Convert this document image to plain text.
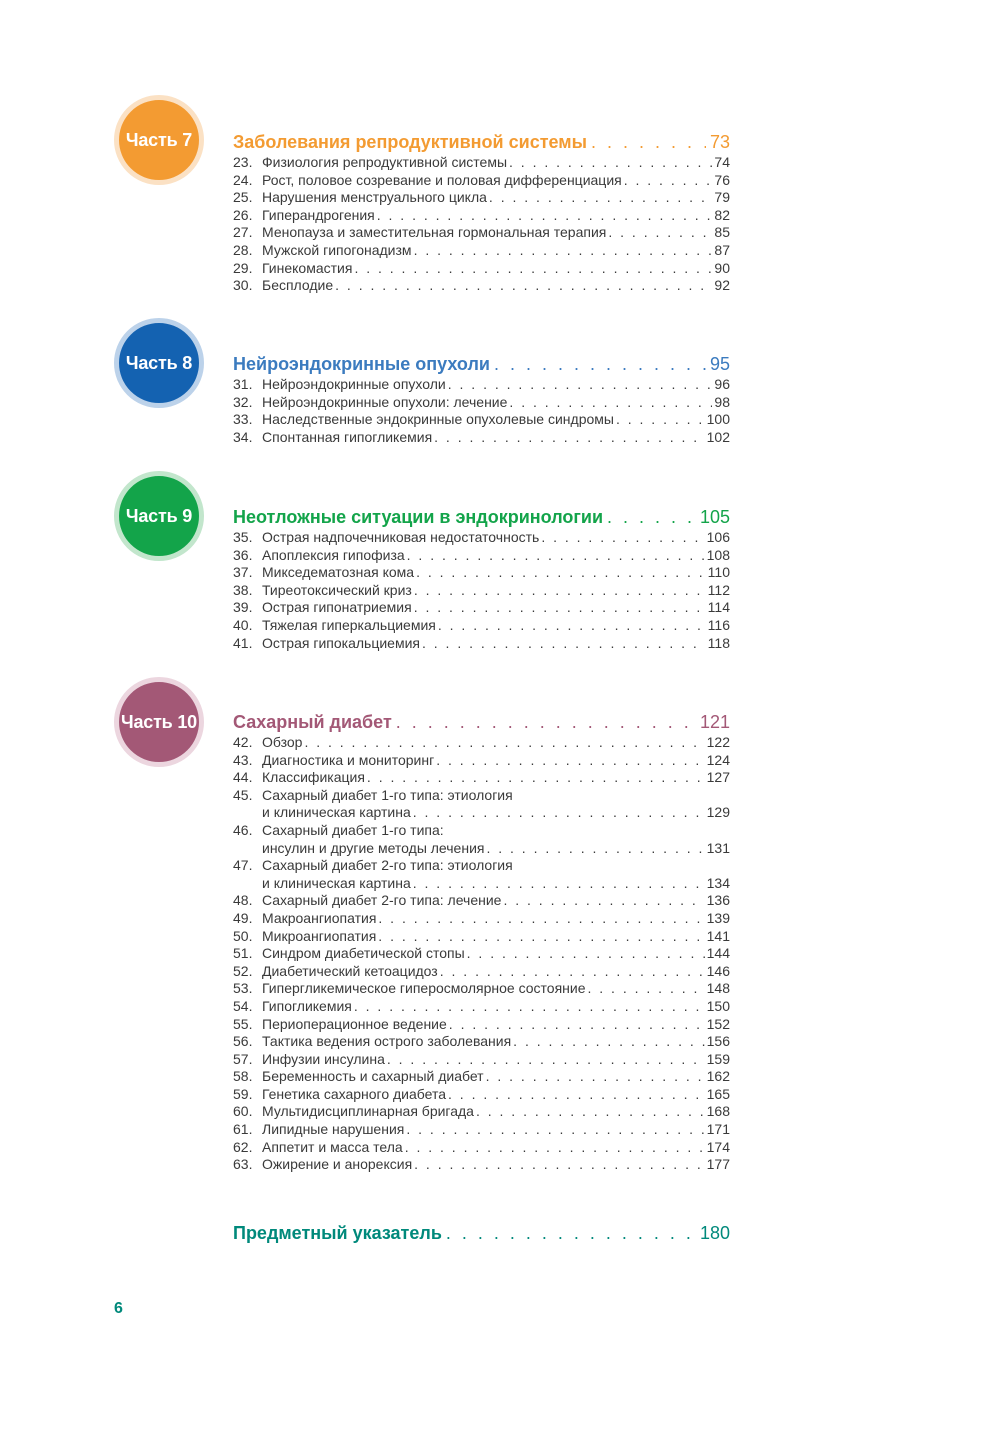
Часть 7	Заболевания репродуктивной системы . . .	73
23. Физиология репродуктивной системы . . .	74
24. Рост, половое созревание и половая дифференциация . . .	76
25. Нарушения менструального цикла . . .	79
26. Гиперандрогения . . .	82
27. Менопауза и заместительная гормональная терапия . . .	85
28. Мужской гипогонадизм . . .	87
29. Гинекомастия . . .	90
30. Бесплодие . . .	92
Часть 8	Нейроэндокринные опухоли . . .	95
31. Нейроэндокринные опухоли . . .	96
32. Нейроэндокринные опухоли: лечение . . .	98
33. Наследственные эндокринные опухолевые синдромы . . .	100
34. Спонтанная гипогликемия . . .	102
Часть 9	Неотложные ситуации в эндокринологии . . .	105
35. Острая надпочечниковая недостаточность . . .	106
36. Апоплексия гипофиза . . .	108
37. Микседематозная кома . . .	110
38. Тиреотоксический криз . . .	112
39. Острая гипонатриемия . . .	114
40. Тяжелая гиперкальциемия . . .	116
41. Острая гипокальциемия . . .	118
Часть 10	Сахарный диабет . . .	121
42. Обзор . . .	122
43. Диагностика и мониторинг . . .	124
44. Классификация . . .	127
45. Сахарный диабет 1-го типа: этиология
и клиническая картина . . .	129
46. Сахарный диабет 1-го типа:
инсулин и другие методы лечения . . .	131
47. Сахарный диабет 2-го типа: этиология
и клиническая картина . . .	134
48. Сахарный диабет 2-го типа: лечение . . .	136
49. Макроангиопатия . . .	139
50. Микроангиопатия . . .	141
51. Синдром диабетической стопы . . .	144
52. Диабетический кетоацидоз . . .	146
53. Гипергликемическое гиперосмолярное состояние . . .	148
54. Гипогликемия . . .	150
55. Периоперационное ведение . . .	152
56. Тактика ведения острого заболевания . . .	156
57. Инфузии инсулина . . .	159
58. Беременность и сахарный диабет . . .	162
59. Генетика сахарного диабета . . .	165
60. Мультидисциплинарная бригада . . .	168
61. Липидные нарушения . . .	171
62. Аппетит и масса тела . . .	174
63. Ожирение и анорексия . . .	177
Предметный указатель . . .	180
6
